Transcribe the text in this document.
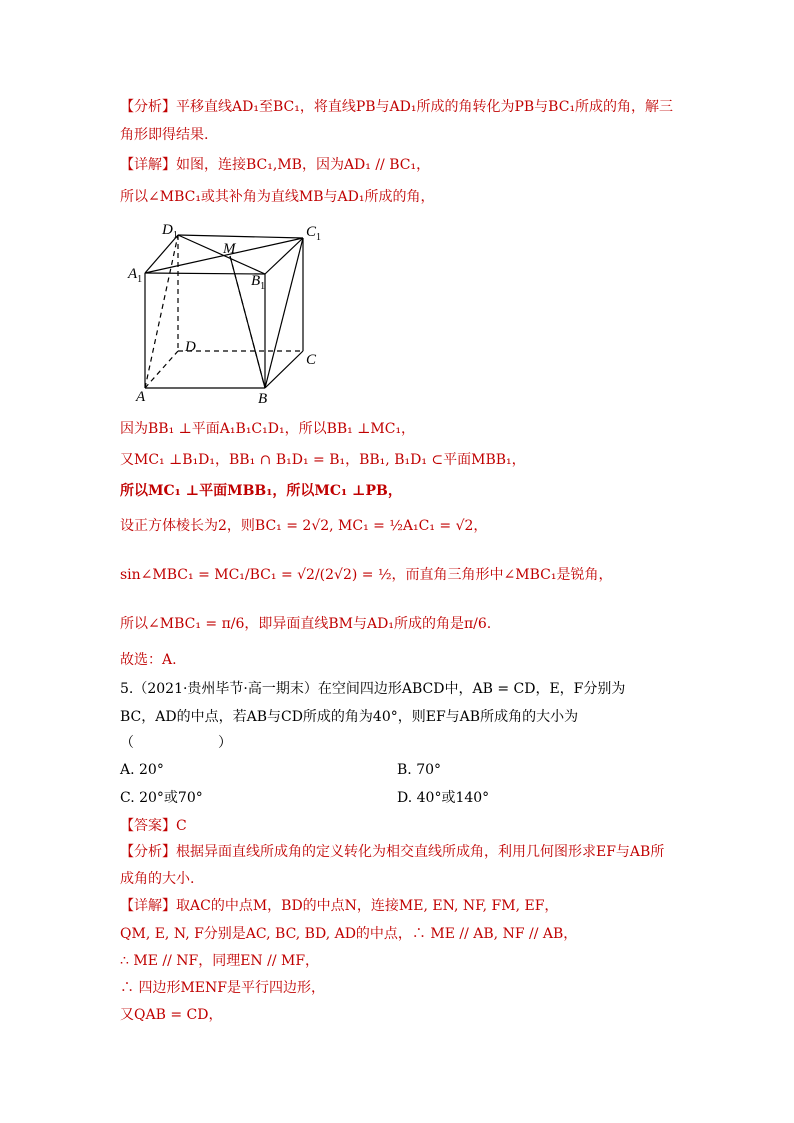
【分析】平移直线AD₁至BC₁，将直线PB与AD₁所成的角转化为PB与BC₁所成的角，解三
角形即得结果.
【详解】如图，连接BC₁,MB，因为AD₁ // BC₁，
所以∠MBC₁或其补角为直线MB与AD₁所成的角，
$D_1$	$C_1$
$A_1$	$B_1$
M
D
C
A	B
因为BB₁ ⊥平面A₁B₁C₁D₁，所以BB₁ ⊥MC₁，
又MC₁ ⊥B₁D₁，BB₁ ∩ B₁D₁ = B₁，BB₁, B₁D₁ ⊂平面MBB₁，
所以MC₁ ⊥平面MBB₁，所以MC₁ ⊥PB，
设正方体棱长为2，则BC₁ = 2√2, MC₁ = ½A₁C₁ = √2，
sin∠MBC₁ = MC₁/BC₁ = √2/(2√2) = ½，而直角三角形中∠MBC₁是锐角，
所以∠MBC₁ = π/6，即异面直线BM与AD₁所成的角是π/6.
故选：A.
5.（2021·贵州毕节·高一期末）在空间四边形ABCD中，AB = CD，E，F分别为
BC，AD的中点，若AB与CD所成的角为40°，则EF与AB所成角的大小为
（　　　　　　）
A. 20°	B. 70°
C. 20°或70°	D. 40°或140°
【答案】C
【分析】根据异面直线所成角的定义转化为相交直线所成角，利用几何图形求EF与AB所
成角的大小.
【详解】取AC的中点M，BD的中点N，连接ME, EN, NF, FM, EF，
QM, E, N, F分别是AC, BC, BD, AD的中点，∴ ME // AB, NF // AB，
∴ ME // NF，同理EN // MF，
∴ 四边形MENF是平行四边形，
又QAB = CD，
